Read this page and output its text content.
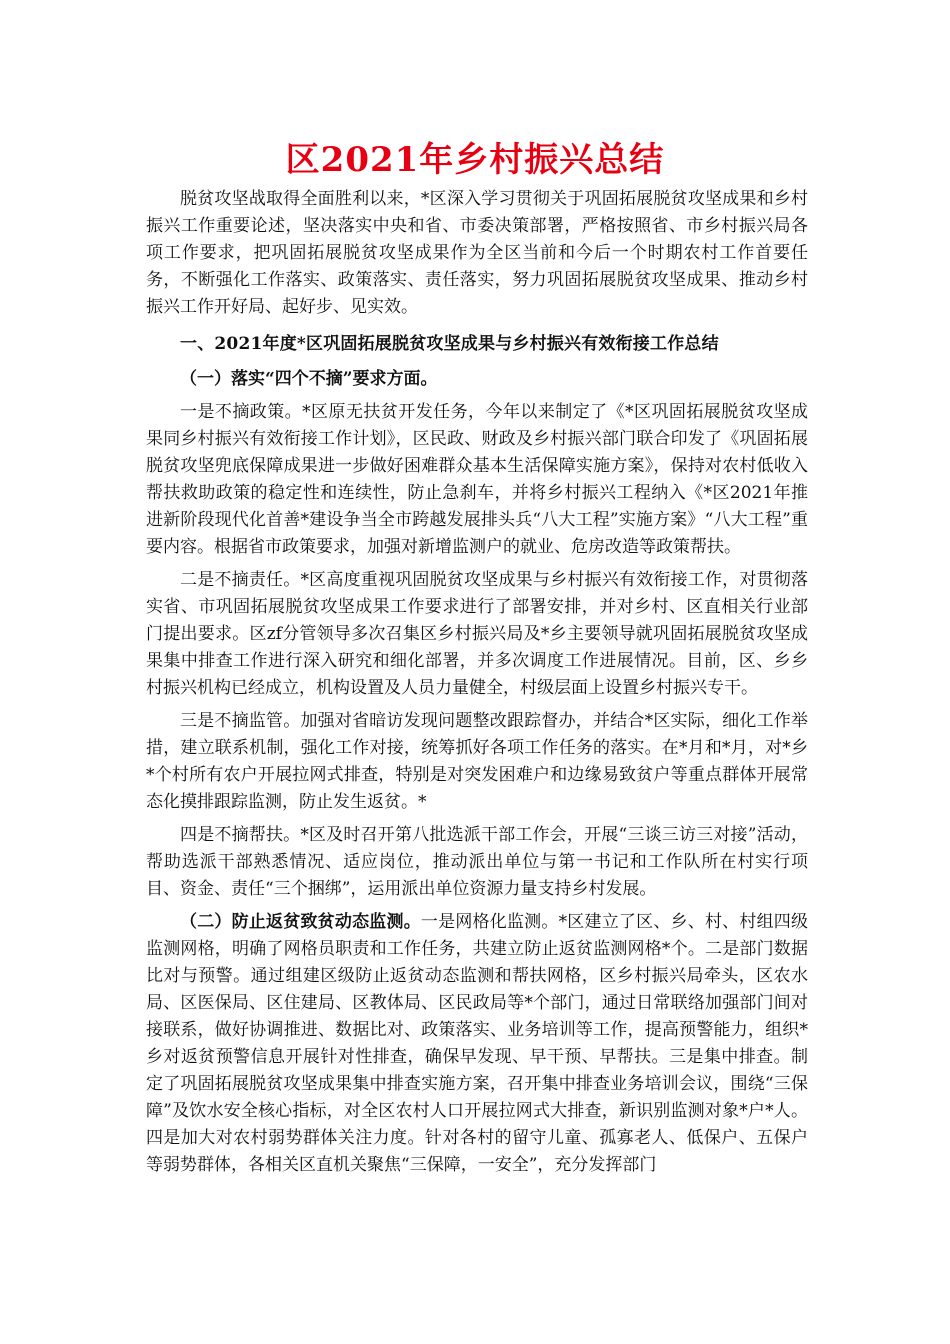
区2021年乡村振兴总结

脱贫攻坚战取得全面胜利以来，*区深入学习贯彻关于巩固拓展脱贫攻坚成果和乡村振兴工作重要论述，坚决落实中央和省、市委决策部署，严格按照省、市乡村振兴局各项工作要求，把巩固拓展脱贫攻坚成果作为全区当前和今后一个时期农村工作首要任务，不断强化工作落实、政策落实、责任落实，努力巩固拓展脱贫攻坚成果、推动乡村振兴工作开好局、起好步、见实效。

一、2021年度*区巩固拓展脱贫攻坚成果与乡村振兴有效衔接工作总结

（一）落实“四个不摘”要求方面。

一是不摘政策。*区原无扶贫开发任务，今年以来制定了《*区巩固拓展脱贫攻坚成果同乡村振兴有效衔接工作计划》，区民政、财政及乡村振兴部门联合印发了《巩固拓展脱贫攻坚兜底保障成果进一步做好困难群众基本生活保障实施方案》，保持对农村低收入帮扶救助政策的稳定性和连续性，防止急刹车，并将乡村振兴工程纳入《*区2021年推进新阶段现代化首善*建设争当全市跨越发展排头兵“八大工程”实施方案》“八大工程”重要内容。根据省市政策要求，加强对新增监测户的就业、危房改造等政策帮扶。

二是不摘责任。*区高度重视巩固脱贫攻坚成果与乡村振兴有效衔接工作，对贯彻落实省、市巩固拓展脱贫攻坚成果工作要求进行了部署安排，并对乡村、区直相关行业部门提出要求。区zf分管领导多次召集区乡村振兴局及*乡主要领导就巩固拓展脱贫攻坚成果集中排查工作进行深入研究和细化部署，并多次调度工作进展情况。目前，区、乡乡村振兴机构已经成立，机构设置及人员力量健全，村级层面上设置乡村振兴专干。

三是不摘监管。加强对省暗访发现问题整改跟踪督办，并结合*区实际，细化工作举措，建立联系机制，强化工作对接，统筹抓好各项工作任务的落实。在*月和*月，对*乡*个村所有农户开展拉网式排查，特别是对突发困难户和边缘易致贫户等重点群体开展常态化摸排跟踪监测，防止发生返贫。*

四是不摘帮扶。*区及时召开第八批选派干部工作会，开展“三谈三访三对接”活动，帮助选派干部熟悉情况、适应岗位，推动派出单位与第一书记和工作队所在村实行项目、资金、责任“三个捆绑”，运用派出单位资源力量支持乡村发展。

（二）防止返贫致贫动态监测。一是网格化监测。*区建立了区、乡、村、村组四级监测网格，明确了网格员职责和工作任务，共建立防止返贫监测网格*个。二是部门数据比对与预警。通过组建区级防止返贫动态监测和帮扶网格，区乡村振兴局牵头，区农水局、区医保局、区住建局、区教体局、区民政局等*个部门，通过日常联络加强部门间对接联系，做好协调推进、数据比对、政策落实、业务培训等工作，提高预警能力，组织*乡对返贫预警信息开展针对性排查，确保早发现、早干预、早帮扶。三是集中排查。制定了巩固拓展脱贫攻坚成果集中排查实施方案，召开集中排查业务培训会议，围绕“三保障”及饮水安全核心指标，对全区农村人口开展拉网式大排查，新识别监测对象*户*人。四是加大对农村弱势群体关注力度。针对各村的留守儿童、孤寡老人、低保户、五保户等弱势群体，各相关区直机关聚焦“三保障，一安全”，充分发挥部门
